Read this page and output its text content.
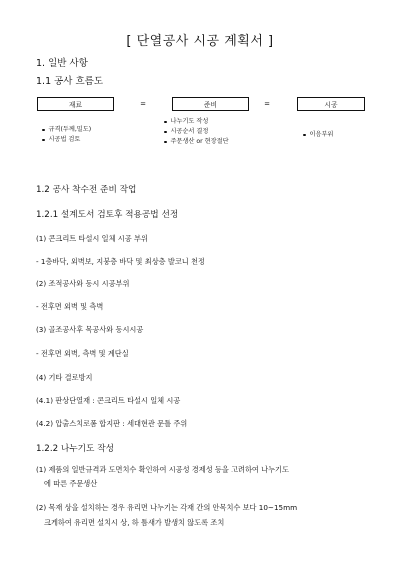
[ 단열공사 시공 계획서 ]
1. 일반 사항
1.1 공사 흐름도
재료	=	준비	=	시공
규격(두께,밀도)
시공법 검토
나누기도 작성
시공순서 결정
주문생산 or 현장절단
이음부위
1.2 공사 착수전 준비 작업
1.2.1 설계도서 검토후 적용공법 선정
(1) 콘크리트 타설시 일체 시공 부위
- 1층바닥, 외벽보, 지붕층 바닥 및 최상층 발코니 천정
(2) 조적공사와 동시 시공부위
- 전후면 외벽 및 측벽
(3) 골조공사후 목공사와 동시시공
- 전후면 외벽, 측벽 및 계단실
(4) 기타 결로방지
(4.1) 판상단열재 : 콘크리트 타설시 일체 시공
(4.2) 압출스치로폼 합지판 : 세대현관 문틀 주위
1.2.2 나누기도 작성
(1) 제품의 일반규격과 도면치수 확인하여 시공성 경제성 등을 고려하여 나누기도
에 따른 주문생산
(2) 목재 상을 설치하는 경우 유리면 나누기는 각재 간의 안목치수 보다 10~15mm
크게하여 유리면 설치시 상, 하 틈새가 발생치 않도록 조치
